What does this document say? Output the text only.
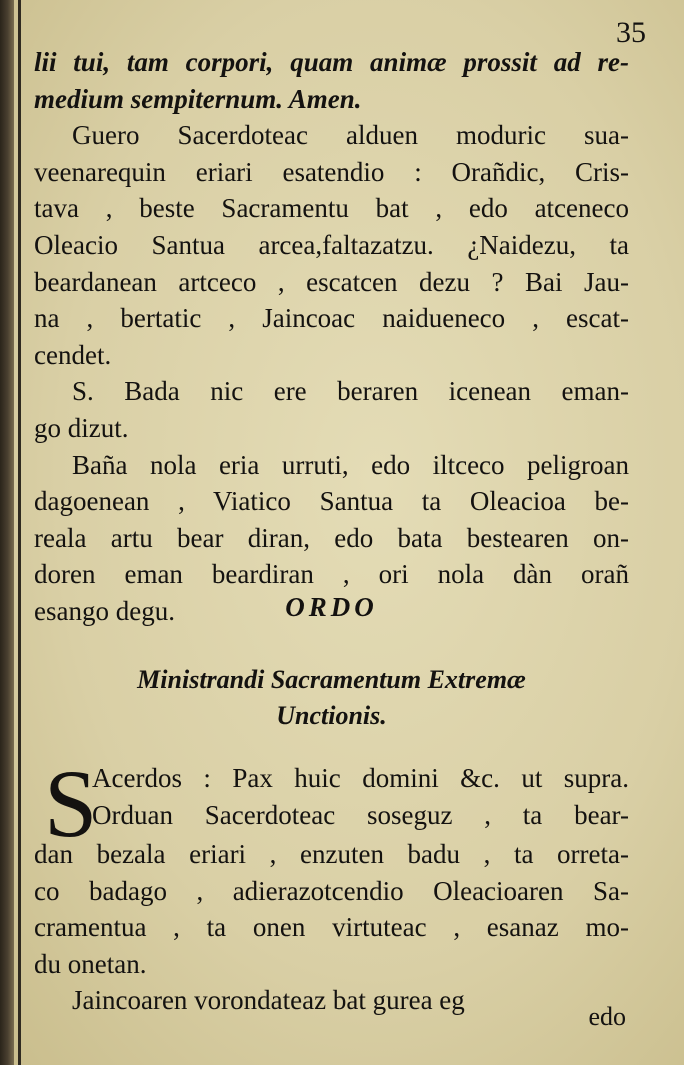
35
lii tui, tam corpori, quam animæ prossit ad re-
medium sempiternum. Amen.
Guero Sacerdoteac alduen moduric sua-
veenarequin eriari esatendio : Orañdic, Cris-
tava , beste Sacramentu bat , edo atceneco
Oleacio Santua arcea,faltazatzu. ¿Naidezu, ta
beardanean artceco , escatcen dezu ? Bai Jau-
na , bertatic , Jaincoac naidueneco , escat-
cendet.
S. Bada nic ere beraren icenean eman-
go dizut.
Baña nola eria urruti, edo iltceco peligroan
dagoenean , Viatico Santua ta Oleacioa be-
reala artu bear diran, edo bata bestearen on-
doren eman beardiran , ori nola dàn orañ
esango degu.	ORDO
Ministrandi Sacramentum Extremæ
Unctionis.
S
Acerdos : Pax huic domini &c. ut supra.
Orduan Sacerdoteac soseguz , ta bear-
dan bezala eriari , enzuten badu , ta orreta-
co badago , adierazotcendio Oleacioaren Sa-
cramentua , ta onen virtuteac , esanaz mo-
du onetan.
Jaincoaren vorondateaz bat gurea eg
edo
